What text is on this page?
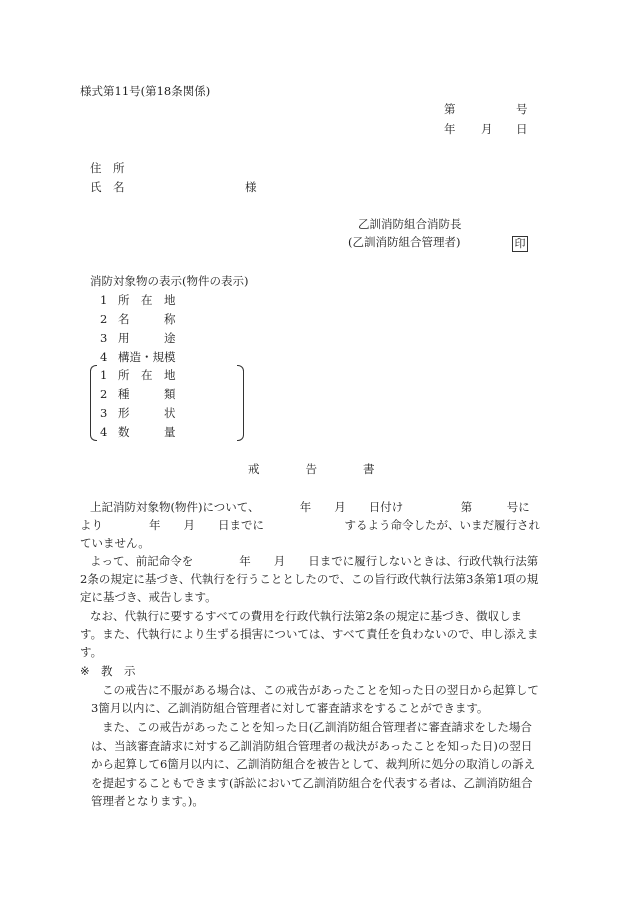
様式第11号(第18条関係)
第	号
年 月 日
住　所
氏　名	様
乙訓消防組合消防長
(乙訓消防組合管理者)	印
消防対象物の表示(物件の表示)
1 所　在　地
2 名　　　称
3 用　　　途
4 構造・規模
1 所　在　地
2 種　　　類
3 形　　　状
4 数　　　量
戒　　　　告　　　　書
上記消防対象物(物件)について、　　　　年　　月　　日付け　　　　　第　　　号に
より　　　　年　　月　　日までに　　　　　　　するよう命令したが、いまだ履行され
ていません。
よって、前記命令を　　　　年　　月　　日までに履行しないときは、行政代執行法第
2条の規定に基づき、代執行を行うこととしたので、この旨行政代執行法第3条第1項の規
定に基づき、戒告します。
なお、代執行に要するすべての費用を行政代執行法第2条の規定に基づき、徴収しま
す。また、代執行により生ずる損害については、すべて責任を負わないので、申し添えま
す。
※ 教　示
この戒告に不服がある場合は、この戒告があったことを知った日の翌日から起算して
3箇月以内に、乙訓消防組合管理者に対して審査請求をすることができます。
また、この戒告があったことを知った日(乙訓消防組合管理者に審査請求をした場合
は、当該審査請求に対する乙訓消防組合管理者の裁決があったことを知った日)の翌日
から起算して6箇月以内に、乙訓消防組合を被告として、裁判所に処分の取消しの訴え
を提起することもできます(訴訟において乙訓消防組合を代表する者は、乙訓消防組合
管理者となります。)。
